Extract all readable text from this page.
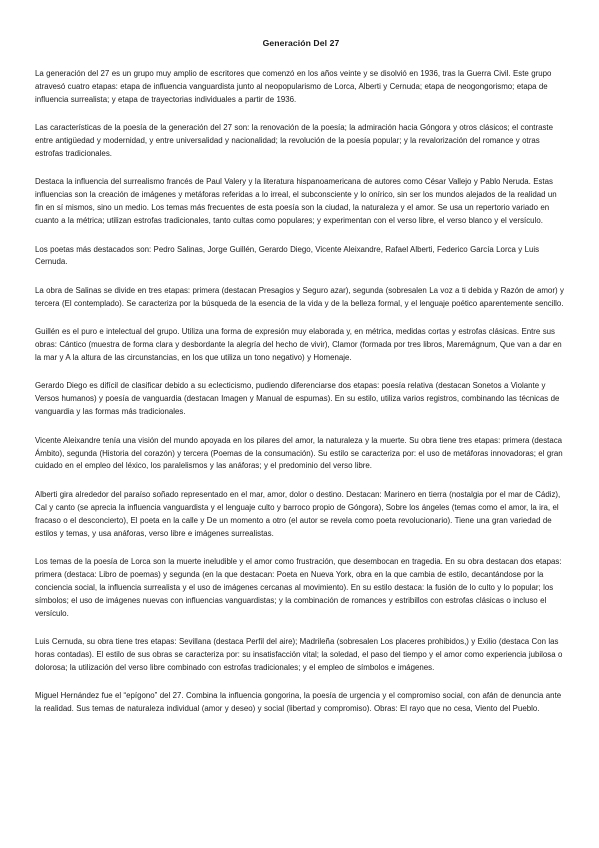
Generación Del 27

La generación del 27 es un grupo muy amplio de escritores que comenzó en los años veinte y se disolvió en 1936, tras la Guerra Civil. Este grupo atravesó cuatro etapas: etapa de influencia vanguardista junto al neopopularismo de Lorca, Alberti y Cernuda; etapa de neogongorismo; etapa de influencia surrealista; y etapa de trayectorias individuales a partir de 1936.

Las características de la poesía de la generación del 27 son: la renovación de la poesía; la admiración hacia Góngora y otros clásicos; el contraste entre antigüedad y modernidad, y entre universalidad y nacionalidad; la revolución de la poesía popular; y la revalorización del romance y otras estrofas tradicionales.

Destaca la influencia del surrealismo francés de Paul Valery y la literatura hispanoamericana de autores como César Vallejo y Pablo Neruda. Estas influencias son la creación de imágenes y metáforas referidas a lo irreal, el subconsciente y lo onírico, sin ser los mundos alejados de la realidad un fin en sí mismos, sino un medio. Los temas más frecuentes de esta poesía son la ciudad, la naturaleza y el amor. Se usa un repertorio variado en cuanto a la métrica; utilizan estrofas tradicionales, tanto cultas como populares; y experimentan con el verso libre, el verso blanco y el versículo.

Los poetas más destacados son: Pedro Salinas, Jorge Guillén, Gerardo Diego, Vicente Aleixandre, Rafael Alberti, Federico García Lorca y Luis Cernuda.

La obra de Salinas se divide en tres etapas: primera (destacan Presagios y Seguro azar), segunda (sobresalen La voz a ti debida y Razón de amor) y tercera (El contemplado). Se caracteriza por la búsqueda de la esencia de la vida y de la belleza formal, y el lenguaje poético aparentemente sencillo.

Guillén es el puro e intelectual del grupo. Utiliza una forma de expresión muy elaborada y, en métrica, medidas cortas y estrofas clásicas. Entre sus obras: Cántico (muestra de forma clara y desbordante la alegría del hecho de vivir), Clamor (formada por tres libros, Maremágnum, Que van a dar en la mar y A la altura de las circunstancias, en los que utiliza un tono negativo) y Homenaje.

Gerardo Diego es difícil de clasificar debido a su eclecticismo, pudiendo diferenciarse dos etapas: poesía relativa (destacan Sonetos a Violante y Versos humanos) y poesía de vanguardia (destacan Imagen y Manual de espumas). En su estilo, utiliza varios registros, combinando las técnicas de vanguardia y las formas más tradicionales.

Vicente Aleixandre tenía una visión del mundo apoyada en los pilares del amor, la naturaleza y la muerte. Su obra tiene tres etapas: primera (destaca Ámbito), segunda (Historia del corazón) y tercera (Poemas de la consumación). Su estilo se caracteriza por: el uso de metáforas innovadoras; el gran cuidado en el empleo del léxico, los paralelismos y las anáforas; y el predominio del verso libre.

Alberti gira alrededor del paraíso soñado representado en el mar, amor, dolor o destino. Destacan: Marinero en tierra (nostalgia por el mar de Cádiz), Cal y canto (se aprecia la influencia vanguardista y el lenguaje culto y barroco propio de Góngora), Sobre los ángeles (temas como el amor, la ira, el fracaso o el desconcierto), El poeta en la calle y De un momento a otro (el autor se revela como poeta revolucionario). Tiene una gran variedad de estilos y temas, y usa anáforas, verso libre e imágenes surrealistas.

Los temas de la poesía de Lorca son la muerte ineludible y el amor como frustración, que desembocan en tragedia. En su obra destacan dos etapas: primera (destaca: Libro de poemas) y segunda (en la que destacan: Poeta en Nueva York, obra en la que cambia de estilo, decantándose por la conciencia social, la influencia surrealista y el uso de imágenes cercanas al movimiento). En su estilo destaca: la fusión de lo culto y lo popular; los símbolos; el uso de imágenes nuevas con influencias vanguardistas; y la combinación de romances y estribillos con estrofas clásicas o incluso el versículo.

Luis Cernuda, su obra tiene tres etapas: Sevillana (destaca Perfil del aire); Madrileña (sobresalen Los placeres prohibidos,) y Exilio (destaca Con las horas contadas). El estilo de sus obras se caracteriza por: su insatisfacción vital; la soledad, el paso del tiempo y el amor como experiencia jubilosa o dolorosa; la utilización del verso libre combinado con estrofas tradicionales; y el empleo de símbolos e imágenes.

Miguel Hernández fue el “epígono” del 27. Combina la influencia gongorina, la poesía de urgencia y el compromiso social, con afán de denuncia ante la realidad. Sus temas de naturaleza individual (amor y deseo) y social (libertad y compromiso). Obras: El rayo que no cesa, Viento del Pueblo.
